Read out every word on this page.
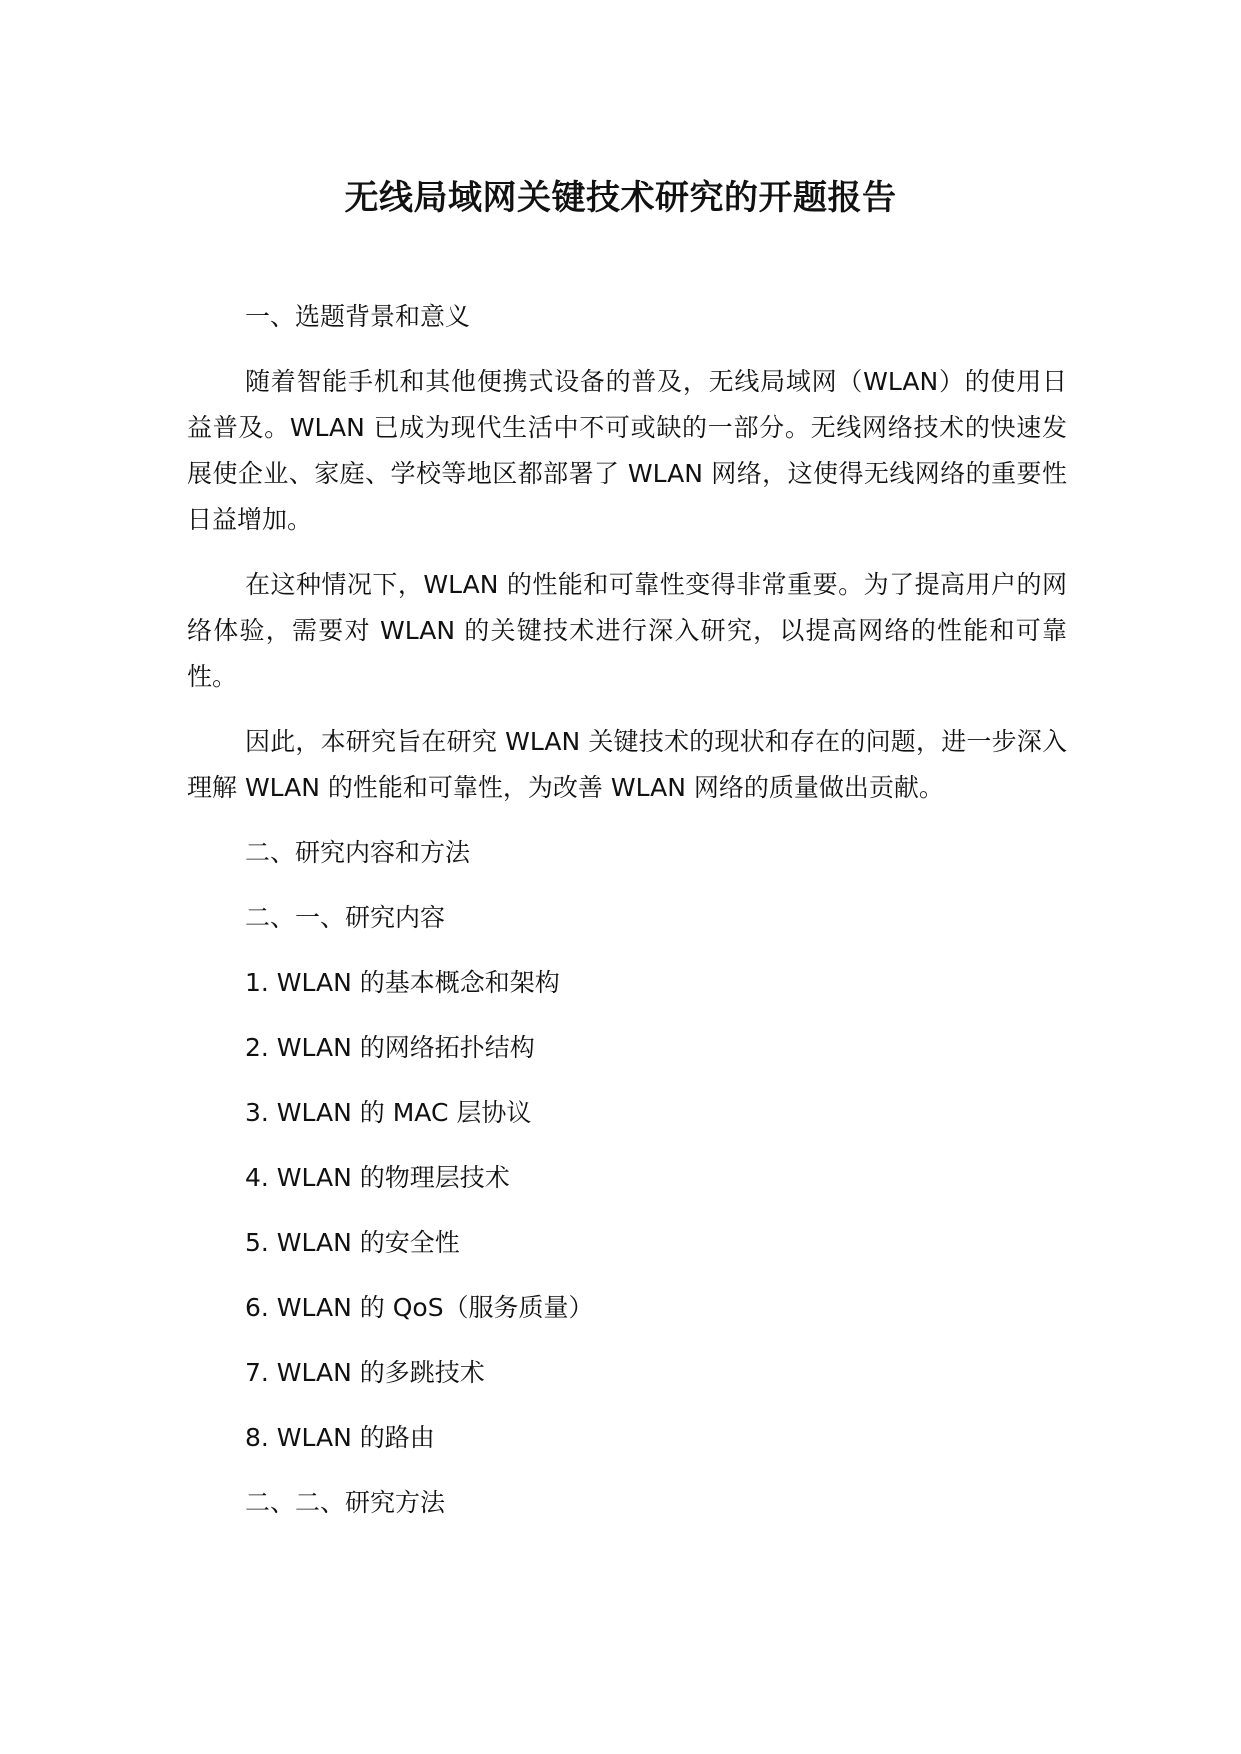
无线局域网关键技术研究的开题报告
一、选题背景和意义

随着智能手机和其他便携式设备的普及，无线局域网（WLAN）的使用日益普及。WLAN 已成为现代生活中不可或缺的一部分。无线网络技术的快速发展使企业、家庭、学校等地区都部署了 WLAN 网络，这使得无线网络的重要性日益增加。

在这种情况下，WLAN 的性能和可靠性变得非常重要。为了提高用户的网络体验，需要对 WLAN 的关键技术进行深入研究，以提高网络的性能和可靠性。

因此，本研究旨在研究 WLAN 关键技术的现状和存在的问题，进一步深入理解 WLAN 的性能和可靠性，为改善 WLAN 网络的质量做出贡献。

二、研究内容和方法
二、一、研究内容
1. WLAN 的基本概念和架构
2. WLAN 的网络拓扑结构
3. WLAN 的 MAC 层协议
4. WLAN 的物理层技术
5. WLAN 的安全性
6. WLAN 的 QoS（服务质量）
7. WLAN 的多跳技术
8. WLAN 的路由
二、二、研究方法
